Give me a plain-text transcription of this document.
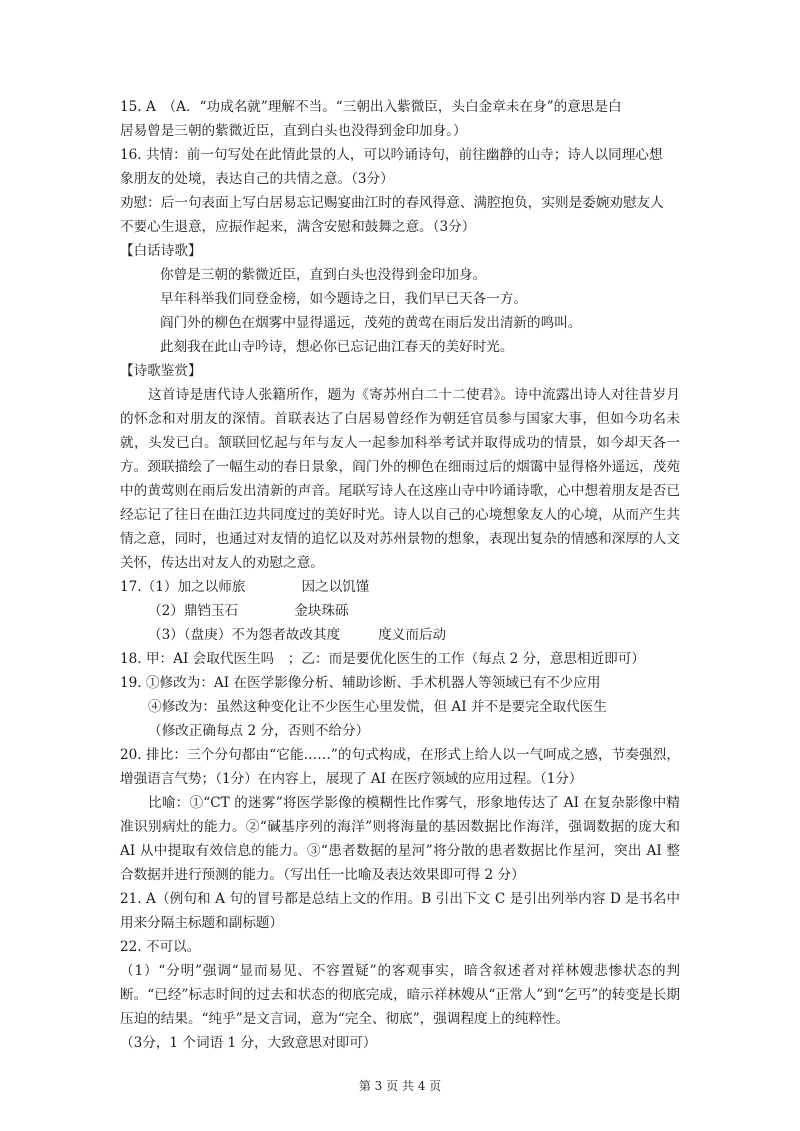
15. A　（A．“功成名就”理解不当。“三朝出入紫微臣，头白金章未在身”的意思是白

居易曾是三朝的紫微近臣，直到白头也没得到金印加身。）

16. 共情：前一句写处在此情此景的人，可以吟诵诗句，前往幽静的山寺；诗人以同理心想

象朋友的处境，表达自己的共情之意。（3分）

劝慰：后一句表面上写白居易忘记赐宴曲江时的春风得意、满腔抱负，实则是委婉劝慰友人

不要心生退意，应振作起来，满含安慰和鼓舞之意。（3分）

【白话诗歌】

你曾是三朝的紫微近臣，直到白头也没得到金印加身。

早年科举我们同登金榜，如今题诗之日，我们早已天各一方。

阎门外的柳色在烟雾中显得遥远，茂苑的黄莺在雨后发出清新的鸣叫。

此刻我在此山寺吟诗，想必你已忘记曲江春天的美好时光。

【诗歌鉴赏】

这首诗是唐代诗人张籍所作，题为《寄苏州白二十二使君》。诗中流露出诗人对往昔岁月的怀念和对朋友的深情。首联表达了白居易曾经作为朝廷官员参与国家大事，但如今功名未就，头发已白。颔联回忆起与年与友人一起参加科举考试并取得成功的情景，如今却天各一方。颈联描绘了一幅生动的春日景象，阎门外的柳色在细雨过后的烟霭中显得格外遥远，茂苑中的黄莺则在雨后发出清新的声音。尾联写诗人在这座山寺中吟诵诗歌，心中想着朋友是否已经忘记了往日在曲江边共同度过的美好时光。诗人以自己的心境想象友人的心境，从而产生共情之意，同时，也通过对友情的追忆以及对苏州景物的想象，表现出复杂的情感和深厚的人文关怀，传达出对友人的劝慰之意。

17.（1）加之以师旅	因之以饥馑

（2）鼎铛玉石	金块珠砾

（3）（盘庚）不为怨者故改其度	度义而后动

18. 甲：AI 会取代医生吗　；乙：而是要优化医生的工作（每点 2 分，意思相近即可）

19. ①修改为：AI 在医学影像分析、辅助诊断、手术机器人等领域已有不少应用

④修改为：虽然这种变化让不少医生心里发慌，但 AI 并不是要完全取代医生

（修改正确每点 2 分，否则不给分）

20. 排比：三个分句都由“它能……”的句式构成，在形式上给人以一气呵成之感，节奏强烈，增强语言气势；（1分）在内容上，展现了 AI 在医疗领域的应用过程。（1分）

比喻：①“CT 的迷雾”将医学影像的模糊性比作雾气，形象地传达了 AI 在复杂影像中精准识别病灶的能力。②“碱基序列的海洋”则将海量的基因数据比作海洋，强调数据的庞大和 AI 从中提取有效信息的能力。③“患者数据的星河”将分散的患者数据比作星河，突出 AI 整合数据并进行预测的能力。（写出任一比喻及表达效果即可得 2 分）

21. A（例句和 A 句的冒号都是总结上文的作用。B 引出下文 C 是引出列举内容 D 是书名中用来分隔主标题和副标题）

22. 不可以。

（1）“分明”强调“显而易见、不容置疑”的客观事实，暗含叙述者对祥林嫂悲惨状态的判断。“已经”标志时间的过去和状态的彻底完成，暗示祥林嫂从“正常人”到“乞丐”的转变是长期压迫的结果。“纯乎”是文言词，意为“完全、彻底”，强调程度上的纯粹性。

（3分，1 个词语 1 分，大致意思对即可）

第 3 页 共 4 页
